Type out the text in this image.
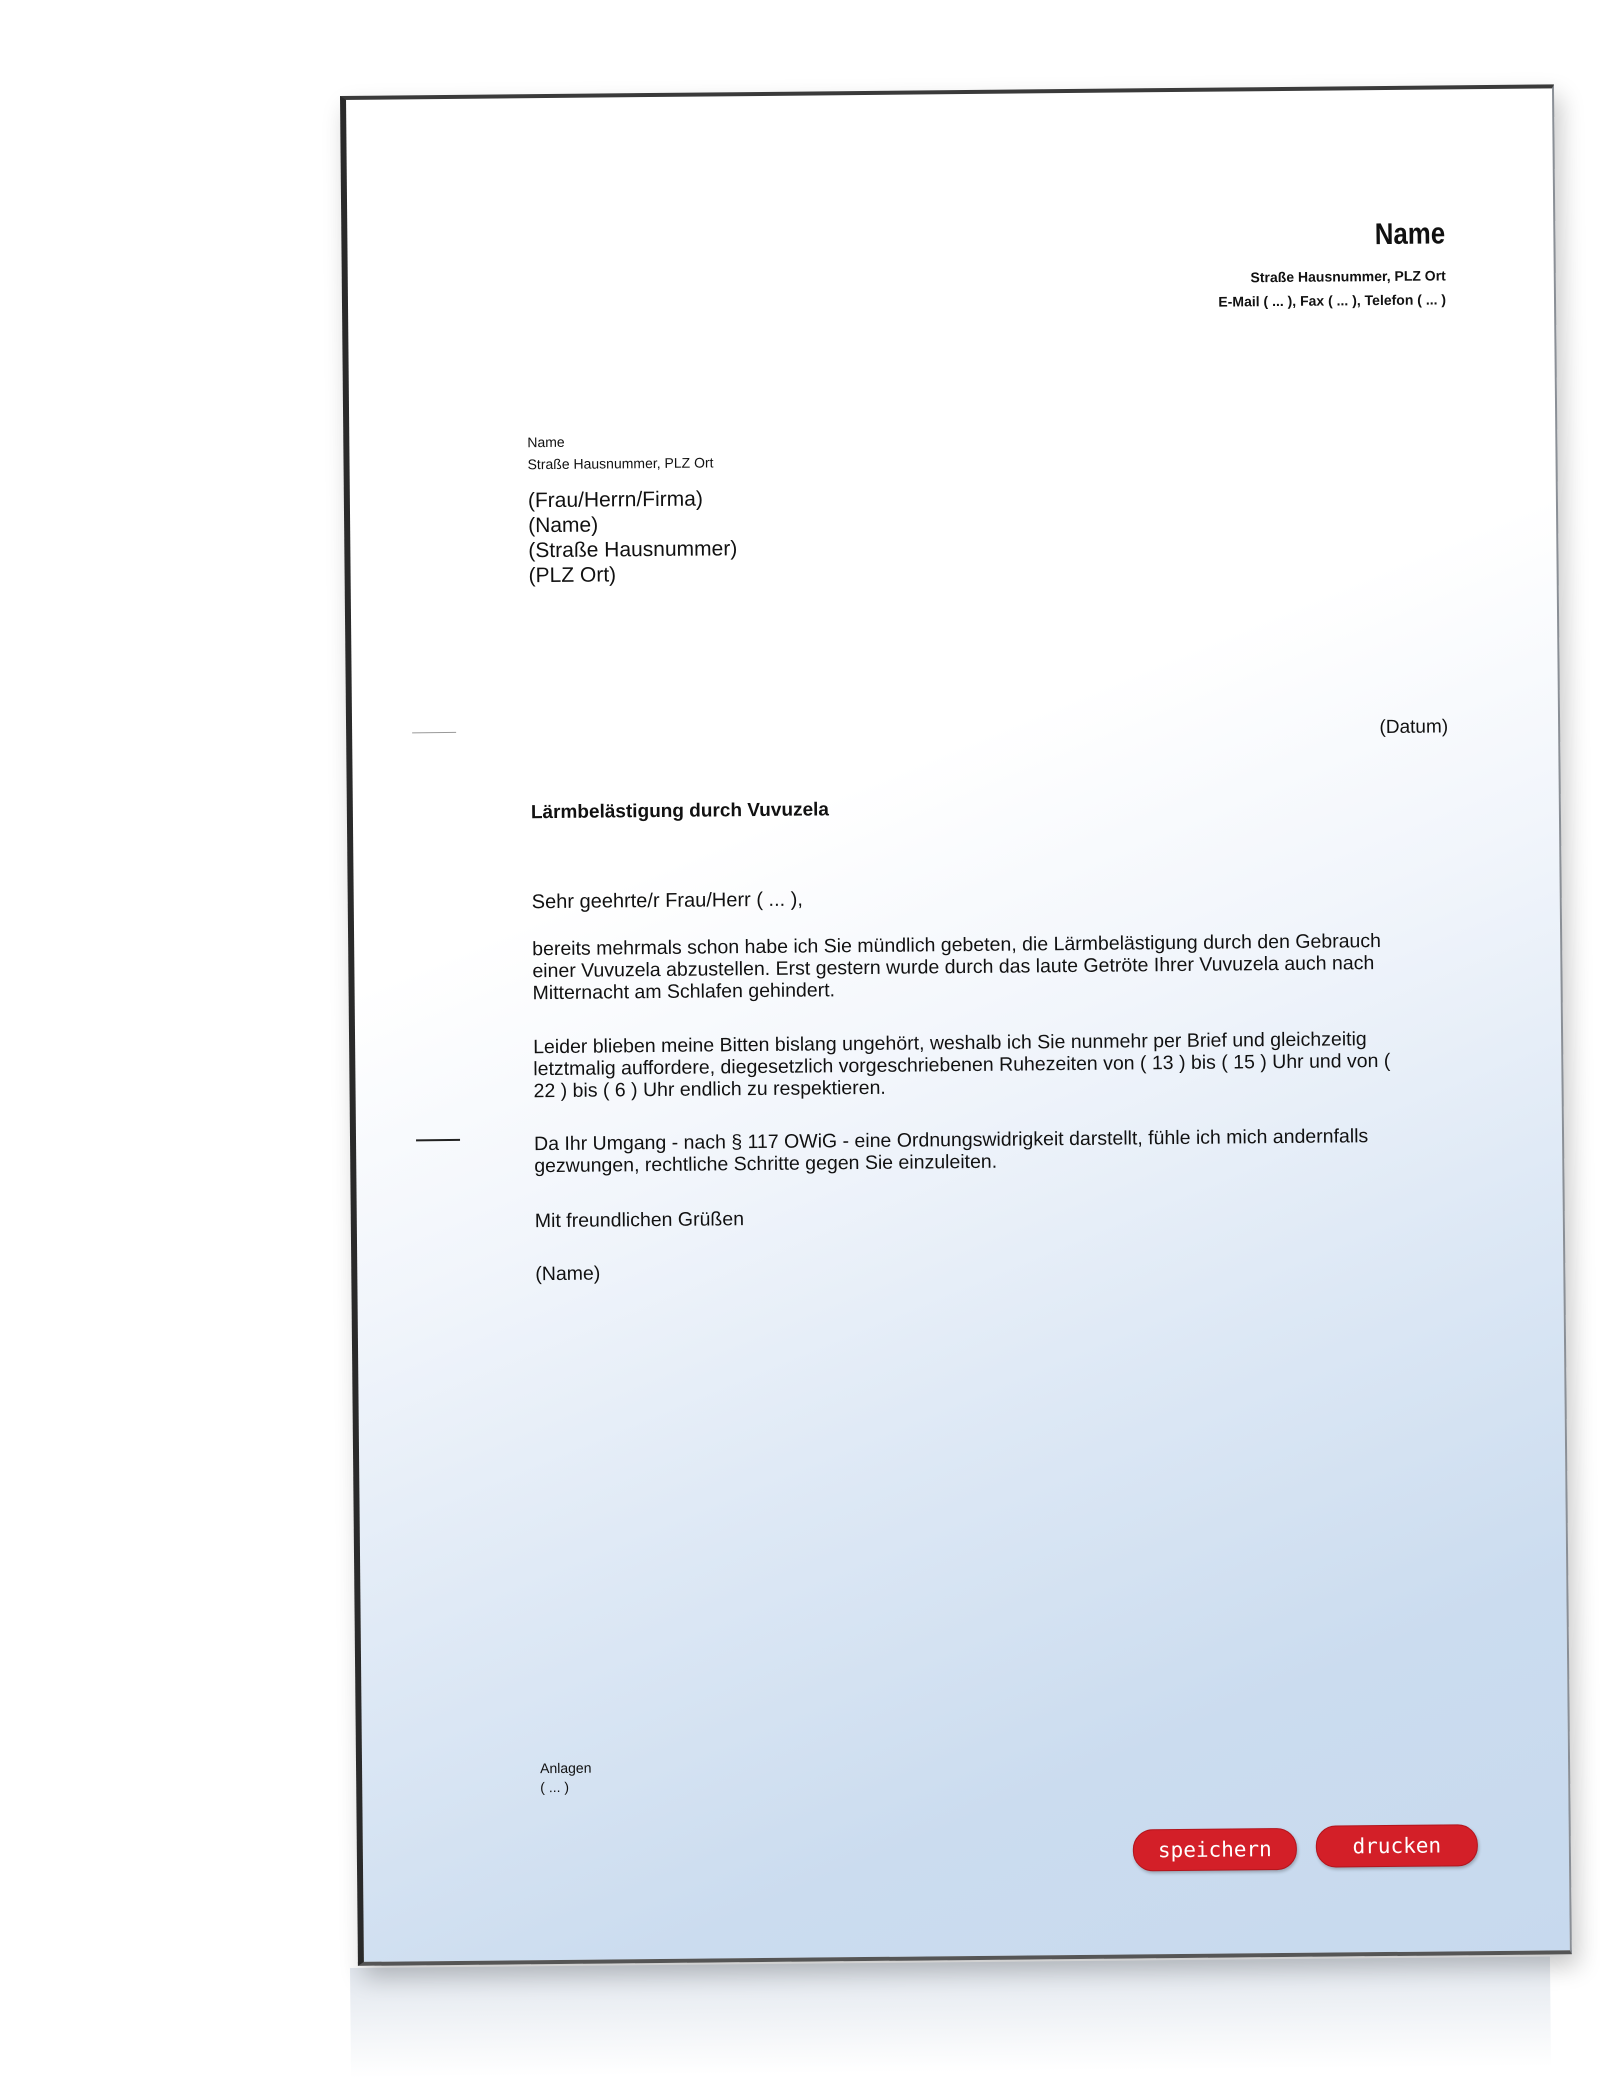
Name
Straße Hausnummer, PLZ Ort
E-Mail ( ... ), Fax ( ... ), Telefon ( ... )
Name
Straße Hausnummer, PLZ Ort
(Frau/Herrn/Firma)
(Name)
(Straße Hausnummer)
(PLZ Ort)
(Datum)
Lärmbelästigung durch Vuvuzela
Sehr geehrte/r Frau/Herr ( ... ),
bereits mehrmals schon habe ich Sie mündlich gebeten, die Lärmbelästigung durch den Gebrauch einer Vuvuzela abzustellen. Erst gestern wurde durch das laute Getröte Ihrer Vuvuzela auch nach Mitternacht am Schlafen gehindert.
Leider blieben meine Bitten bislang ungehört, weshalb ich Sie nunmehr per Brief und gleichzeitig letztmalig auffordere, diegesetzlich vorgeschriebenen Ruhezeiten von ( 13 ) bis ( 15 ) Uhr und von ( 22 ) bis ( 6 ) Uhr endlich zu respektieren.
Da Ihr Umgang - nach § 117 OWiG - eine Ordnungswidrigkeit darstellt, fühle ich mich andernfalls gezwungen, rechtliche Schritte gegen Sie einzuleiten.
Mit freundlichen Grüßen
(Name)
Anlagen
( ... )
speichern	drucken
